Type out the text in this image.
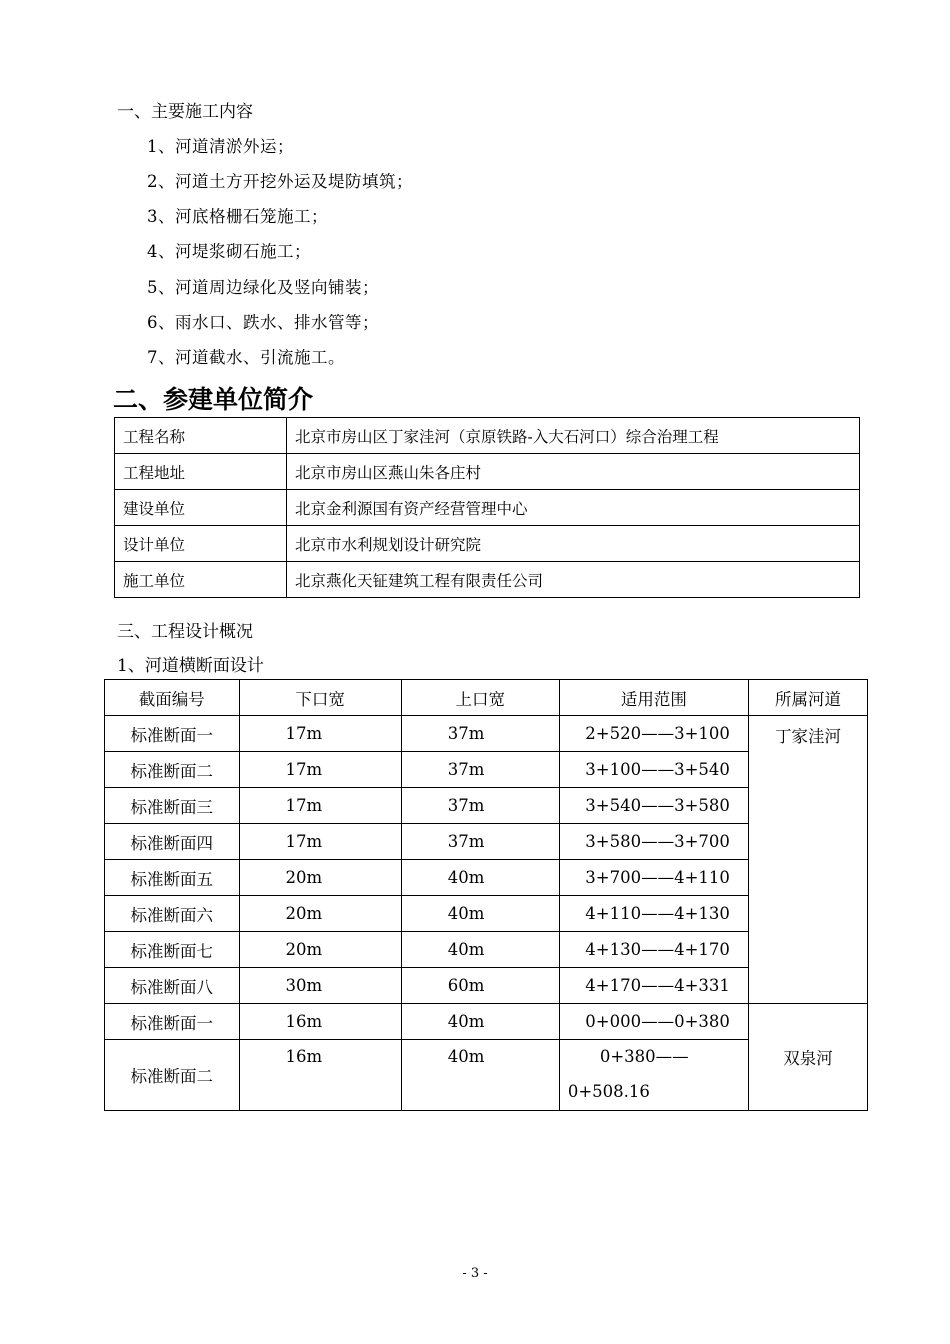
一、主要施工内容
1、河道清淤外运；
2、河道土方开挖外运及堤防填筑；
3、河底格栅石笼施工；
4、河堤浆砌石施工；
5、河道周边绿化及竖向铺装；
6、雨水口、跌水、排水管等；
7、河道截水、引流施工。
二、参建单位简介
工程名称	北京市房山区丁家洼河（京原铁路-入大石河口）综合治理工程
工程地址	北京市房山区燕山朱各庄村
建设单位	北京金利源国有资产经营管理中心
设计单位	北京市水利规划设计研究院
施工单位	北京燕化天钲建筑工程有限责任公司
三、工程设计概况
1、河道横断面设计
截面编号	下口宽	上口宽	适用范围	所属河道
标准断面一	17m	37m	2+520——3+100	丁家洼河
标准断面二	17m	37m	3+100——3+540	
标准断面三	17m	37m	3+540——3+580	
标准断面四	17m	37m	3+580——3+700	
标准断面五	20m	40m	3+700——4+110	
标准断面六	20m	40m	4+110——4+130	
标准断面七	20m	40m	4+130——4+170	
标准断面八	30m	60m	4+170——4+331	
标准断面一	16m	40m	0+000——0+380	双泉河
标准断面二	16m	40m	0+380——
0+508.16	
- 3 -
